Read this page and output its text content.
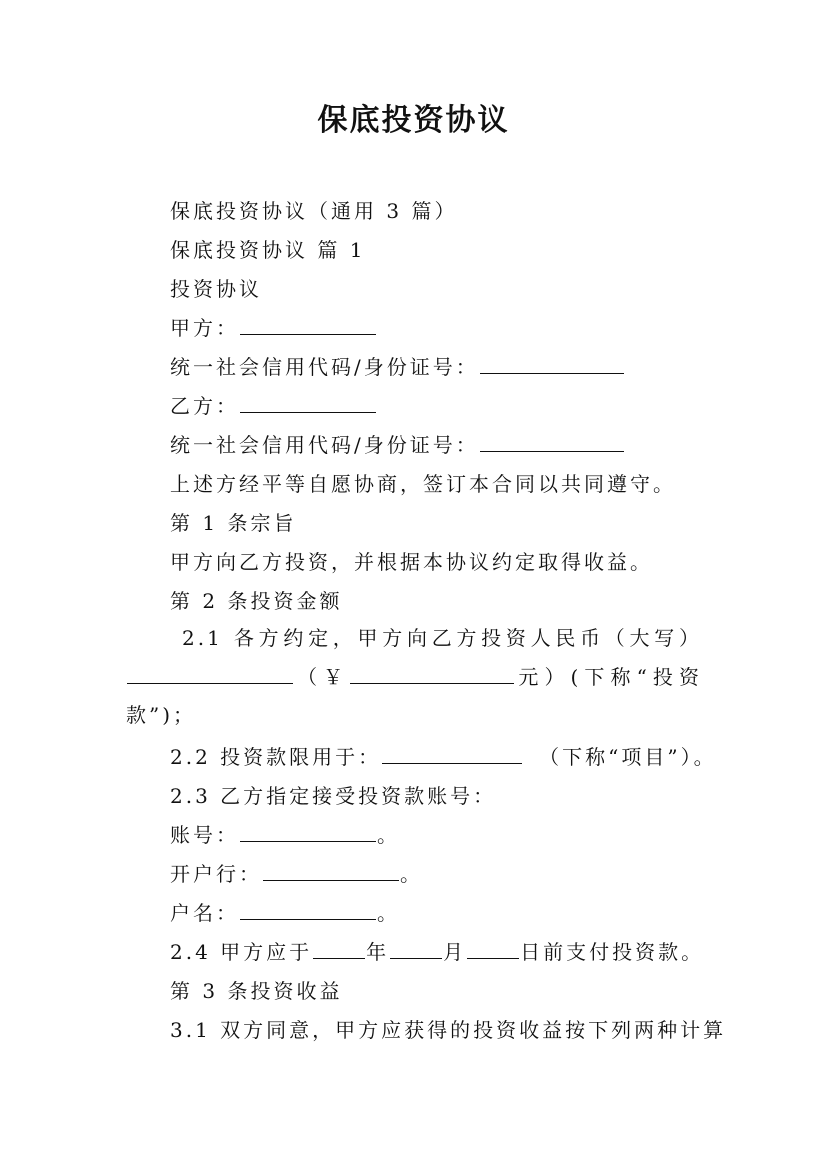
保底投资协议
保底投资协议（通用 3 篇）
保底投资协议 篇 1
投资协议
甲方：
统一社会信用代码/身份证号：
乙方：
统一社会信用代码/身份证号：
上述方经平等自愿协商，签订本合同以共同遵守。
第 1 条宗旨
甲方向乙方投资，并根据本协议约定取得收益。
第 2 条投资金额
2.1 各方约定，甲方向乙方投资人民币（大写）（￥	元）(下称“投资款”)；
2.2 投资款限用于：	（下称“项目”）。
2.3 乙方指定接受投资款账号：
账号：	。
开户行：	。
户名：	。
2.4 甲方应于	年	月	日前支付投资款。
第 3 条投资收益
3.1 双方同意，甲方应获得的投资收益按下列两种计算
